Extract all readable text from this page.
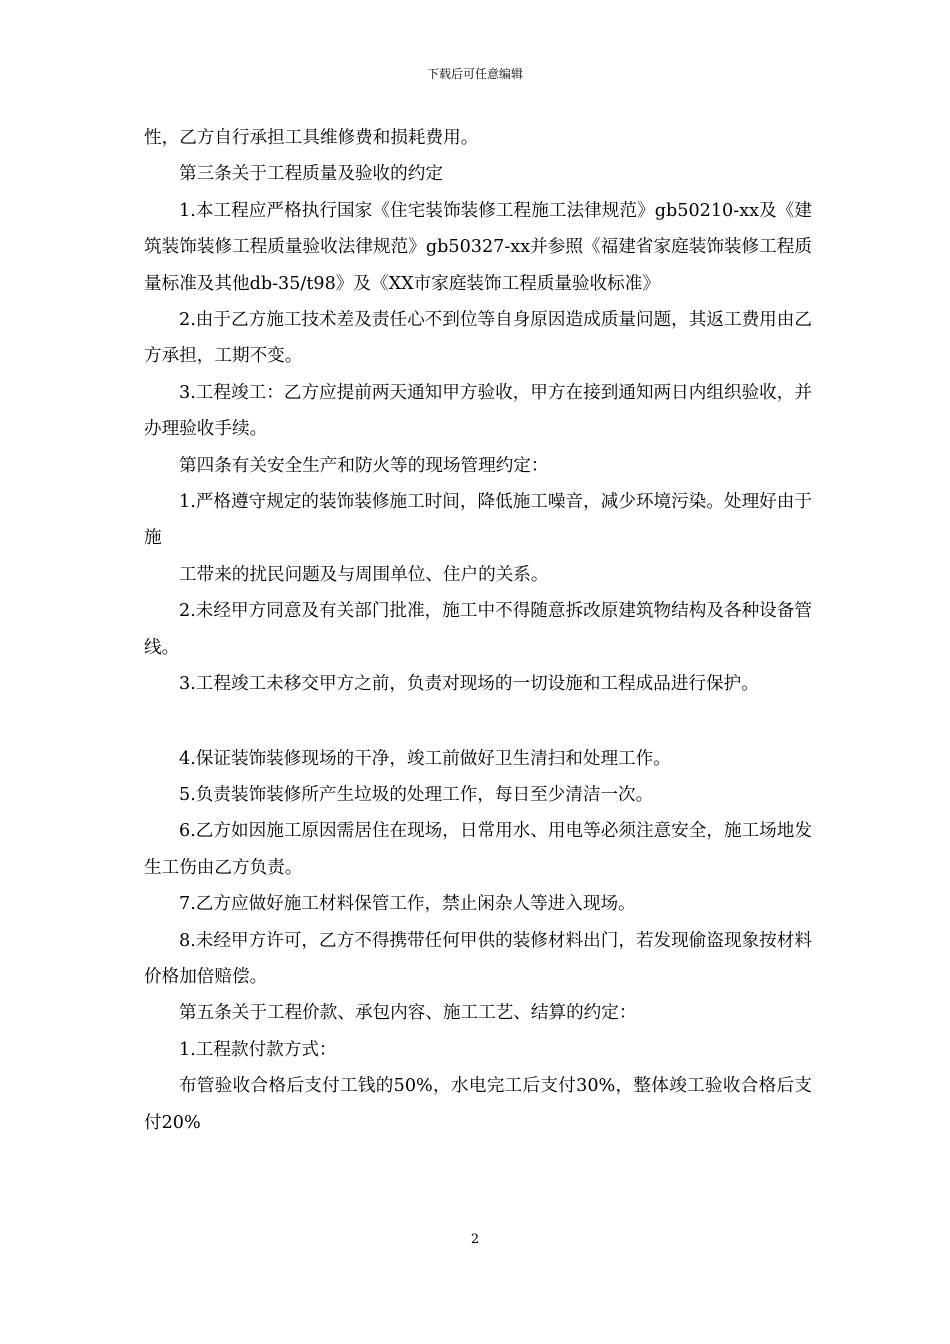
下载后可任意编辑

性，乙方自行承担工具维修费和损耗费用。

第三条关于工程质量及验收的约定

1.本工程应严格执行国家《住宅装饰装修工程施工法律规范》gb50210-xx及《建筑装饰装修工程质量验收法律规范》gb50327-xx并参照《福建省家庭装饰装修工程质量标准及其他db-35/t98》及《XX市家庭装饰工程质量验收标准》

2.由于乙方施工技术差及责任心不到位等自身原因造成质量问题，其返工费用由乙方承担，工期不变。

3.工程竣工：乙方应提前两天通知甲方验收，甲方在接到通知两日内组织验收，并办理验收手续。

第四条有关安全生产和防火等的现场管理约定：

1.严格遵守规定的装饰装修施工时间，降低施工噪音，减少环境污染。处理好由于施

工带来的扰民问题及与周围单位、住户的关系。

2.未经甲方同意及有关部门批准，施工中不得随意拆改原建筑物结构及各种设备管线。

3.工程竣工未移交甲方之前，负责对现场的一切设施和工程成品进行保护。

4.保证装饰装修现场的干净，竣工前做好卫生清扫和处理工作。

5.负责装饰装修所产生垃圾的处理工作，每日至少清洁一次。

6.乙方如因施工原因需居住在现场，日常用水、用电等必须注意安全，施工场地发生工伤由乙方负责。

7.乙方应做好施工材料保管工作，禁止闲杂人等进入现场。

8.未经甲方许可，乙方不得携带任何甲供的装修材料出门，若发现偷盗现象按材料价格加倍赔偿。

第五条关于工程价款、承包内容、施工工艺、结算的约定：

1.工程款付款方式：

布管验收合格后支付工钱的50%，水电完工后支付30%，整体竣工验收合格后支付20%

2
